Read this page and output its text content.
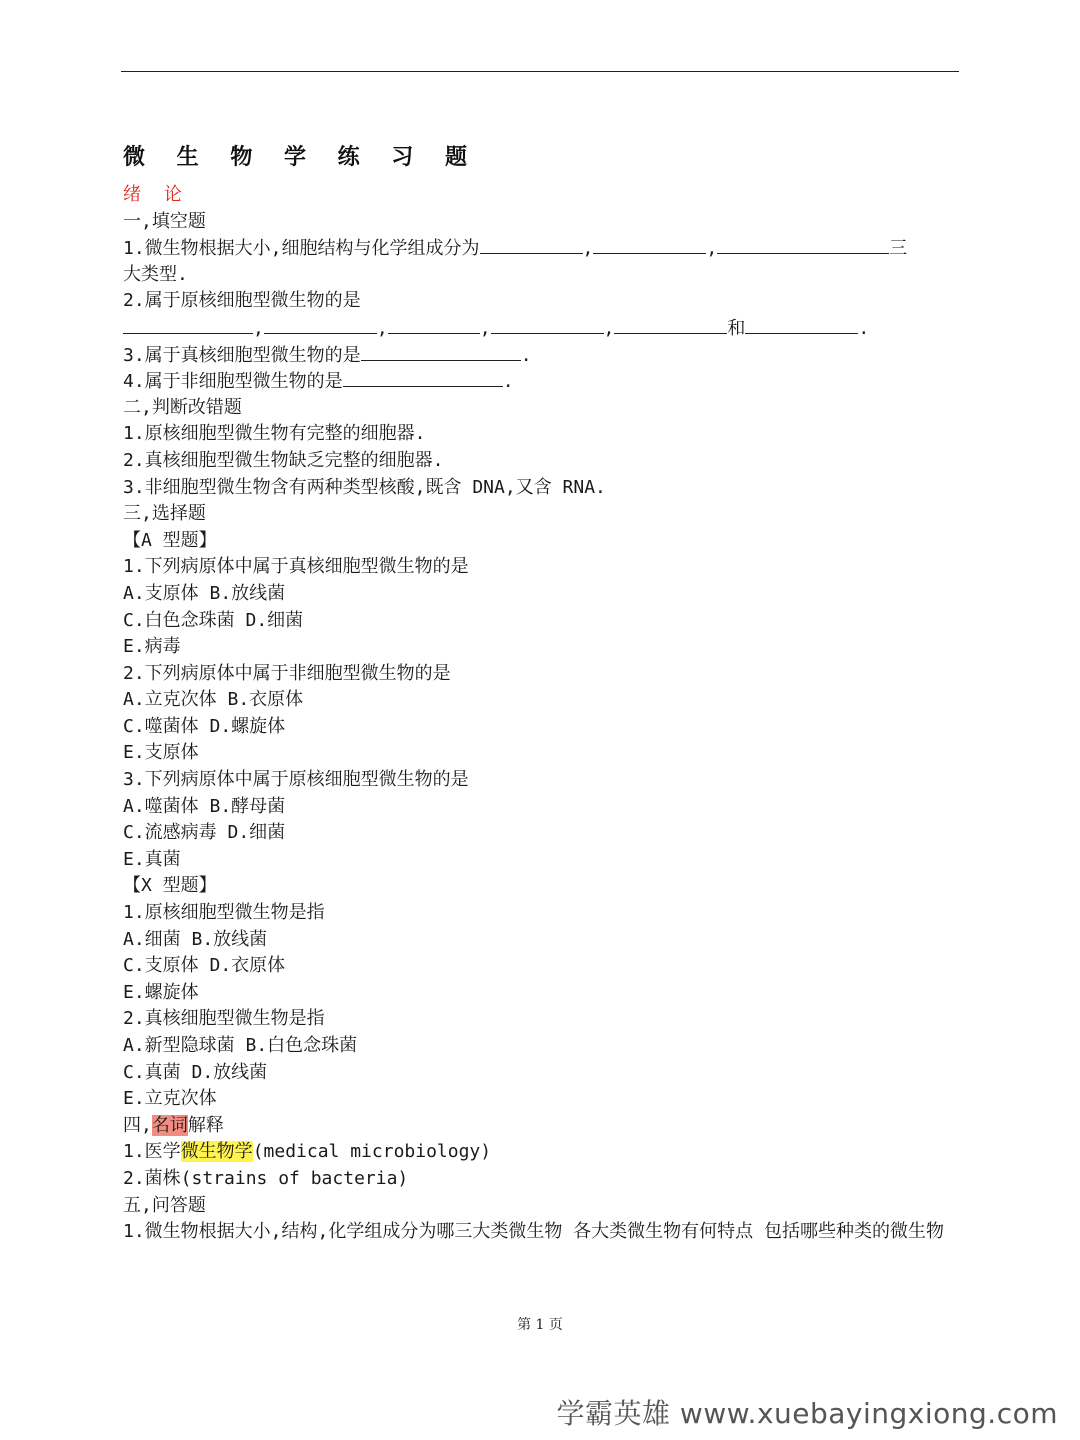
微 生 物 学 练 习 题
绪 论
一,填空题
1.微生物根据大小,细胞结构与化学组成分为	,	,	三
大类型.
2.属于原核细胞型微生物的是
,	,	,	,	和	.
3.属于真核细胞型微生物的是	.
4.属于非细胞型微生物的是	.
二,判断改错题
1.原核细胞型微生物有完整的细胞器.
2.真核细胞型微生物缺乏完整的细胞器.
3.非细胞型微生物含有两种类型核酸,既含 DNA,又含 RNA.
三,选择题
【A 型题】
1.下列病原体中属于真核细胞型微生物的是
A.支原体 B.放线菌
C.白色念珠菌 D.细菌
E.病毒
2.下列病原体中属于非细胞型微生物的是
A.立克次体 B.衣原体
C.噬菌体 D.螺旋体
E.支原体
3.下列病原体中属于原核细胞型微生物的是
A.噬菌体 B.酵母菌
C.流感病毒 D.细菌
E.真菌
【X 型题】
1.原核细胞型微生物是指
A.细菌 B.放线菌
C.支原体 D.衣原体
E.螺旋体
2.真核细胞型微生物是指
A.新型隐球菌 B.白色念珠菌
C.真菌 D.放线菌
E.立克次体
四,名词解释
1.医学微生物学(medical microbiology)
2.菌株(strains of bacteria)
五,问答题
1.微生物根据大小,结构,化学组成分为哪三大类微生物 各大类微生物有何特点 包括哪些种类的微生物
第 1 页
学霸英雄 www.xuebayingxiong.com
